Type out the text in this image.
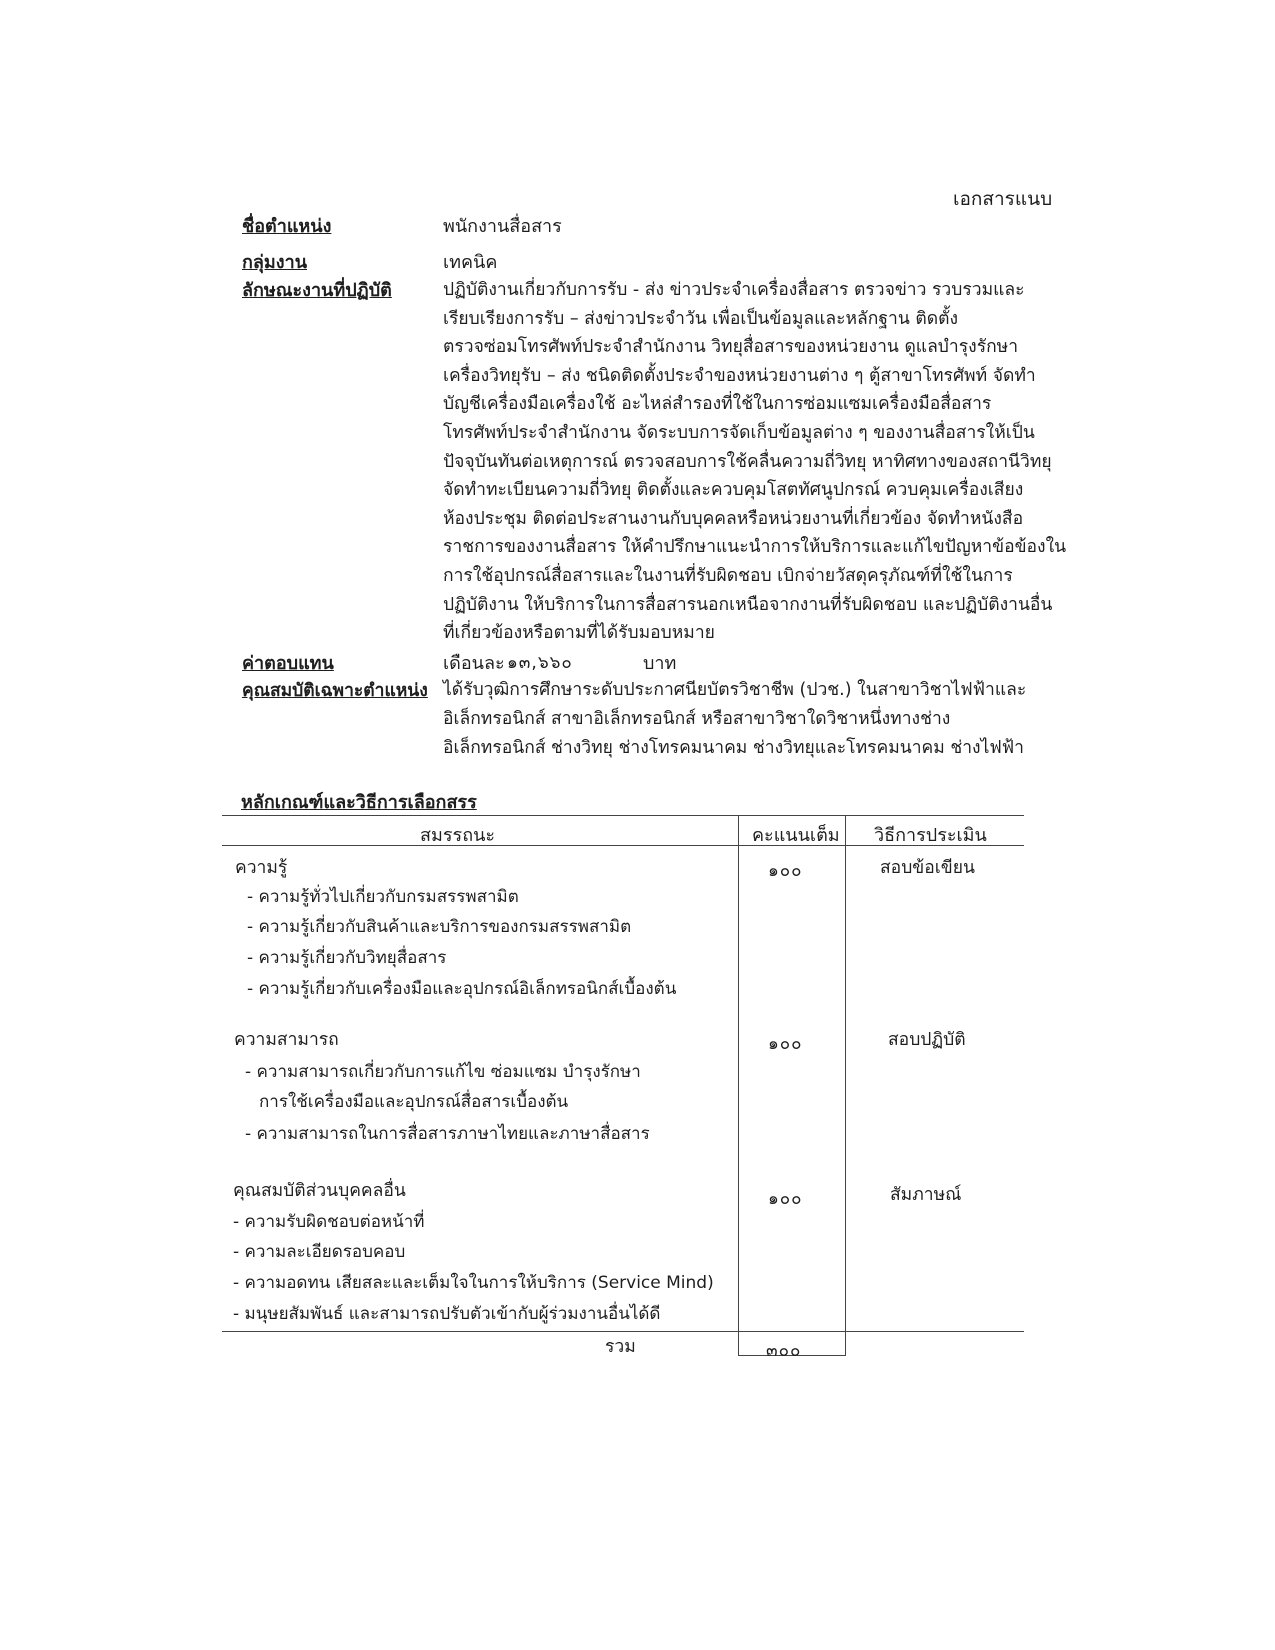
เอกสารแนบ
ชื่อตำแหน่ง	พนักงานสื่อสาร
กลุ่มงาน	เทคนิค
ลักษณะงานที่ปฏิบัติ	ปฏิบัติงานเกี่ยวกับการรับ - ส่ง ข่าวประจำเครื่องสื่อสาร ตรวจข่าว รวบรวมและ
เรียบเรียงการรับ – ส่งข่าวประจำวัน เพื่อเป็นข้อมูลและหลักฐาน ติดตั้ง
ตรวจซ่อมโทรศัพท์ประจำสำนักงาน วิทยุสื่อสารของหน่วยงาน ดูแลบำรุงรักษา
เครื่องวิทยุรับ – ส่ง ชนิดติดตั้งประจำของหน่วยงานต่าง ๆ ตู้สาขาโทรศัพท์ จัดทำ
บัญชีเครื่องมือเครื่องใช้ อะไหล่สำรองที่ใช้ในการซ่อมแซมเครื่องมือสื่อสาร
โทรศัพท์ประจำสำนักงาน จัดระบบการจัดเก็บข้อมูลต่าง ๆ ของงานสื่อสารให้เป็น
ปัจจุบันทันต่อเหตุการณ์ ตรวจสอบการใช้คลื่นความถี่วิทยุ หาทิศทางของสถานีวิทยุ
จัดทำทะเบียนความถี่วิทยุ ติดตั้งและควบคุมโสตทัศนูปกรณ์ ควบคุมเครื่องเสียง
ห้องประชุม ติดต่อประสานงานกับบุคคลหรือหน่วยงานที่เกี่ยวข้อง จัดทำหนังสือ
ราชการของงานสื่อสาร ให้คำปรึกษาแนะนำการให้บริการและแก้ไขปัญหาข้อข้องใน
การใช้อุปกรณ์สื่อสารและในงานที่รับผิดชอบ เบิกจ่ายวัสดุครุภัณฑ์ที่ใช้ในการ
ปฏิบัติงาน ให้บริการในการสื่อสารนอกเหนือจากงานที่รับผิดชอบ และปฏิบัติงานอื่น
ที่เกี่ยวข้องหรือตามที่ได้รับมอบหมาย
ค่าตอบแทน	เดือนละ ๑๓,๖๖๐	บาท
คุณสมบัติเฉพาะตำแหน่ง ได้รับวุฒิการศึกษาระดับประกาศนียบัตรวิชาชีพ (ปวช.) ในสาขาวิชาไฟฟ้าและ
อิเล็กทรอนิกส์ สาขาอิเล็กทรอนิกส์ หรือสาขาวิชาใดวิชาหนึ่งทางช่าง
อิเล็กทรอนิกส์ ช่างวิทยุ ช่างโทรคมนาคม ช่างวิทยุและโทรคมนาคม ช่างไฟฟ้า
หลักเกณฑ์และวิธีการเลือกสรร
สมรรถนะ	คะแนนเต็ม วิธีการประเมิน
ความรู้
- ความรู้ทั่วไปเกี่ยวกับกรมสรรพสามิต
- ความรู้เกี่ยวกับสินค้าและบริการของกรมสรรพสามิต
- ความรู้เกี่ยวกับวิทยุสื่อสาร
- ความรู้เกี่ยวกับเครื่องมือและอุปกรณ์อิเล็กทรอนิกส์เบื้องต้น
๑๐๐	สอบข้อเขียน
ความสามารถ
- ความสามารถเกี่ยวกับการแก้ไข ซ่อมแซม บำรุงรักษา
การใช้เครื่องมือและอุปกรณ์สื่อสารเบื้องต้น
- ความสามารถในการสื่อสารภาษาไทยและภาษาสื่อสาร
๑๐๐	สอบปฏิบัติ
คุณสมบัติส่วนบุคคลอื่น
- ความรับผิดชอบต่อหน้าที่
- ความละเอียดรอบคอบ
- ความอดทน เสียสละและเต็มใจในการให้บริการ (Service Mind)
- มนุษยสัมพันธ์ และสามารถปรับตัวเข้ากับผู้ร่วมงานอื่นได้ดี
๑๐๐	สัมภาษณ์
รวม	๓๐๐
